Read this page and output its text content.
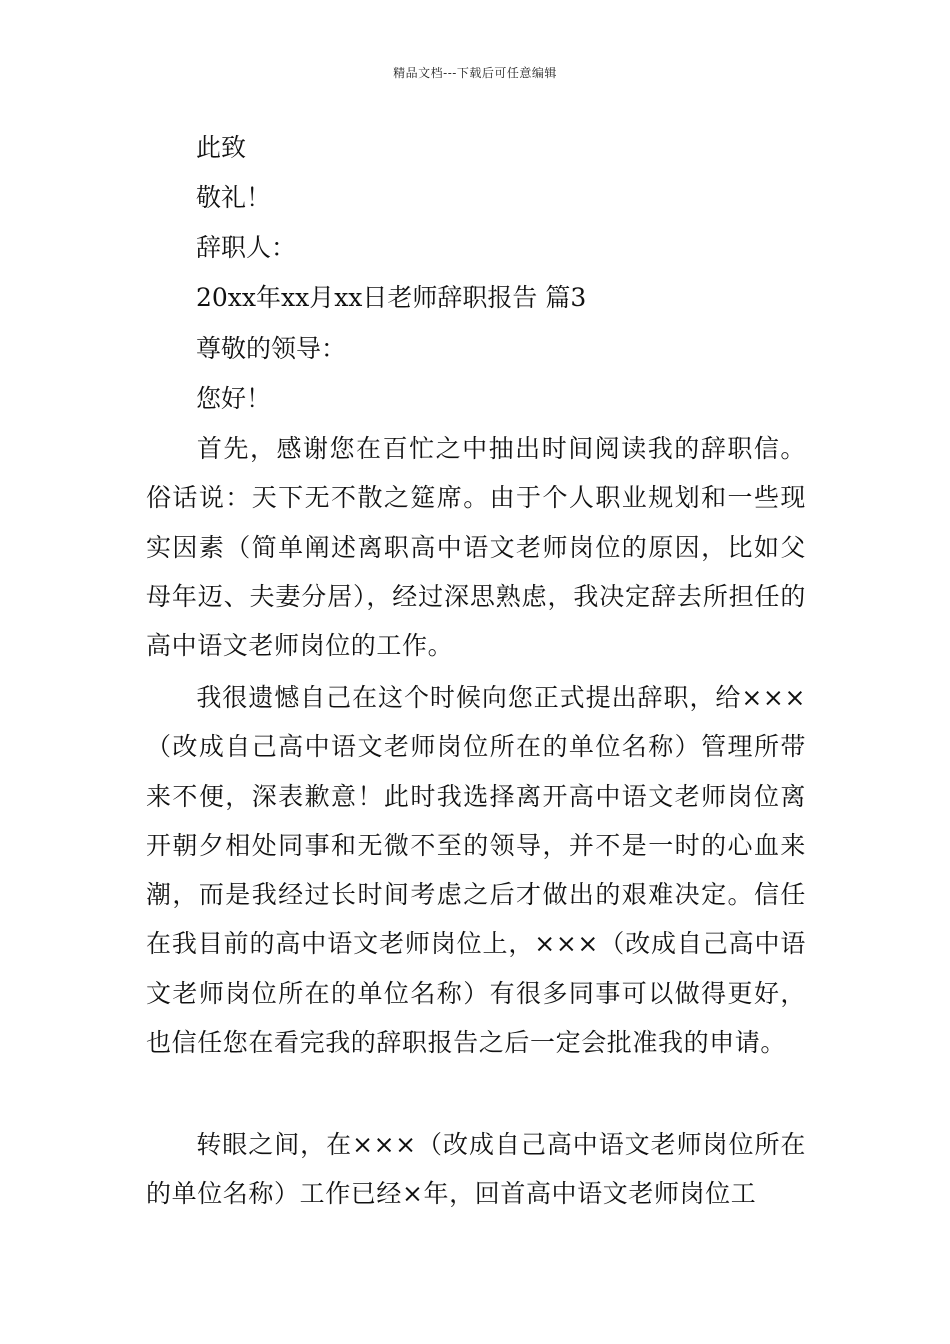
精品文档---下载后可任意编辑
此致
敬礼！
辞职人：
20xx年xx月xx日老师辞职报告 篇3
尊敬的领导：
您好！
首先，感谢您在百忙之中抽出时间阅读我的辞职信。俗话说：天下无不散之筵席。由于个人职业规划和一些现实因素（简单阐述离职高中语文老师岗位的原因，比如父母年迈、夫妻分居），经过深思熟虑，我决定辞去所担任的高中语文老师岗位的工作。
我很遗憾自己在这个时候向您正式提出辞职，给×××（改成自己高中语文老师岗位所在的单位名称）管理所带来不便，深表歉意！此时我选择离开高中语文老师岗位离开朝夕相处同事和无微不至的领导，并不是一时的心血来潮，而是我经过长时间考虑之后才做出的艰难决定。信任在我目前的高中语文老师岗位上，×××（改成自己高中语文老师岗位所在的单位名称）有很多同事可以做得更好，也信任您在看完我的辞职报告之后一定会批准我的申请。
转眼之间，在×××（改成自己高中语文老师岗位所在的单位名称）工作已经×年，回首高中语文老师岗位工
